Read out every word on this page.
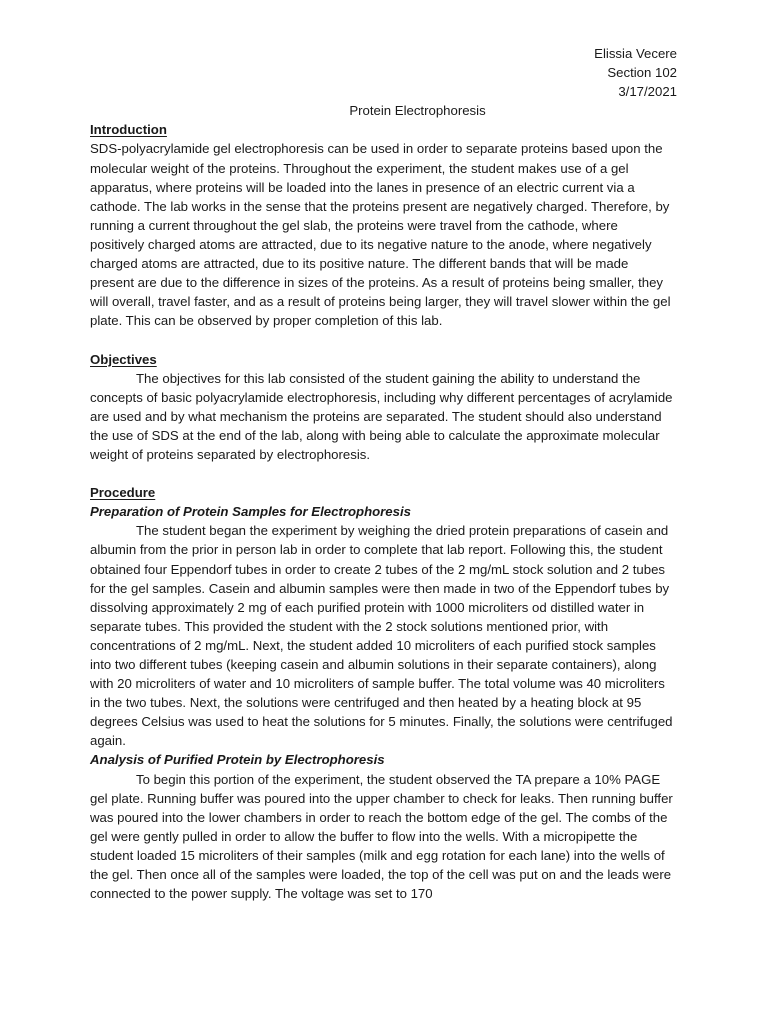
Elissia Vecere
Section 102
3/17/2021
Protein Electrophoresis
Introduction

SDS-polyacrylamide gel electrophoresis can be used in order to separate proteins based upon the molecular weight of the proteins. Throughout the experiment, the student makes use of a gel apparatus, where proteins will be loaded into the lanes in presence of an electric current via a cathode. The lab works in the sense that the proteins present are negatively charged. Therefore, by running a current throughout the gel slab, the proteins were travel from the cathode, where positively charged atoms are attracted, due to its negative nature to the anode, where negatively charged atoms are attracted, due to its positive nature. The different bands that will be made present are due to the difference in sizes of the proteins. As a result of proteins being smaller, they will overall, travel faster, and as a result of proteins being larger, they will travel slower within the gel plate. This can be observed by proper completion of this lab.

Objectives

The objectives for this lab consisted of the student gaining the ability to understand the concepts of basic polyacrylamide electrophoresis, including why different percentages of acrylamide are used and by what mechanism the proteins are separated. The student should also understand the use of SDS at the end of the lab, along with being able to calculate the approximate molecular weight of proteins separated by electrophoresis.

Procedure
Preparation of Protein Samples for Electrophoresis

The student began the experiment by weighing the dried protein preparations of casein and albumin from the prior in person lab in order to complete that lab report. Following this, the student obtained four Eppendorf tubes in order to create 2 tubes of the 2 mg/mL stock solution and 2 tubes for the gel samples. Casein and albumin samples were then made in two of the Eppendorf tubes by dissolving approximately 2 mg of each purified protein with 1000 microliters od distilled water in separate tubes. This provided the student with the 2 stock solutions mentioned prior, with concentrations of 2 mg/mL. Next, the student added 10 microliters of each purified stock samples into two different tubes (keeping casein and albumin solutions in their separate containers), along with 20 microliters of water and 10 microliters of sample buffer. The total volume was 40 microliters in the two tubes. Next, the solutions were centrifuged and then heated by a heating block at 95 degrees Celsius was used to heat the solutions for 5 minutes. Finally, the solutions were centrifuged again.

Analysis of Purified Protein by Electrophoresis

To begin this portion of the experiment, the student observed the TA prepare a 10% PAGE gel plate. Running buffer was poured into the upper chamber to check for leaks. Then running buffer was poured into the lower chambers in order to reach the bottom edge of the gel. The combs of the gel were gently pulled in order to allow the buffer to flow into the wells. With a micropipette the student loaded 15 microliters of their samples (milk and egg rotation for each lane) into the wells of the gel. Then once all of the samples were loaded, the top of the cell was put on and the leads were connected to the power supply. The voltage was set to 170
